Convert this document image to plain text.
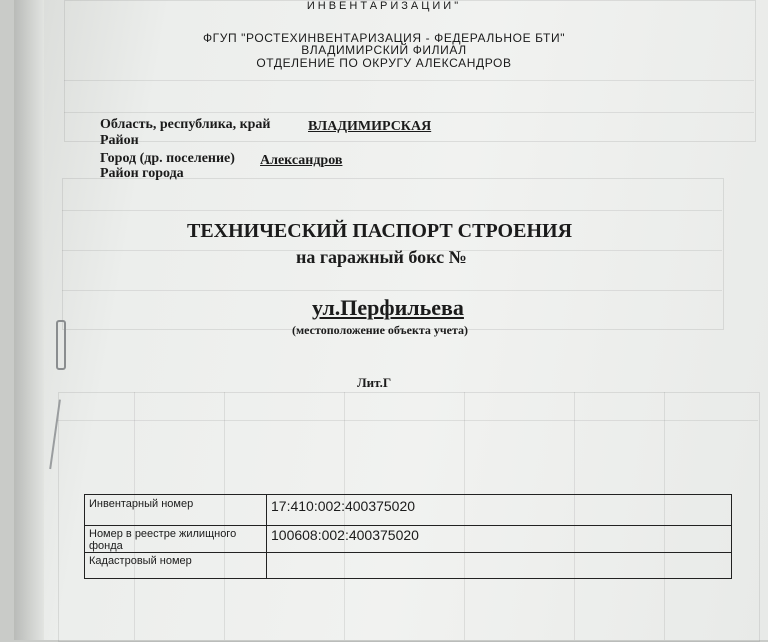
ИНВЕНТАРИЗАЦИИ"
ФГУП "РОСТЕХИНВЕНТАРИЗАЦИЯ - ФЕДЕРАЛЬНОЕ БТИ"
ВЛАДИМИРСКИЙ ФИЛИАЛ
ОТДЕЛЕНИЕ ПО ОКРУГУ АЛЕКСАНДРОВ
Область, республика, край	ВЛАДИМИРСКАЯ
Район
Город (др. поселение) Александров
Район города
ТЕХНИЧЕСКИЙ ПАСПОРТ СТРОЕНИЯ
на гаражный бокс №
ул.Перфильева
(местоположение объекта учета)
Лит.Г
Инвентарный номер	17:410:002:400375020
Номер в реестре жилищного фонда	100608:002:400375020
Кадастровый номер	
